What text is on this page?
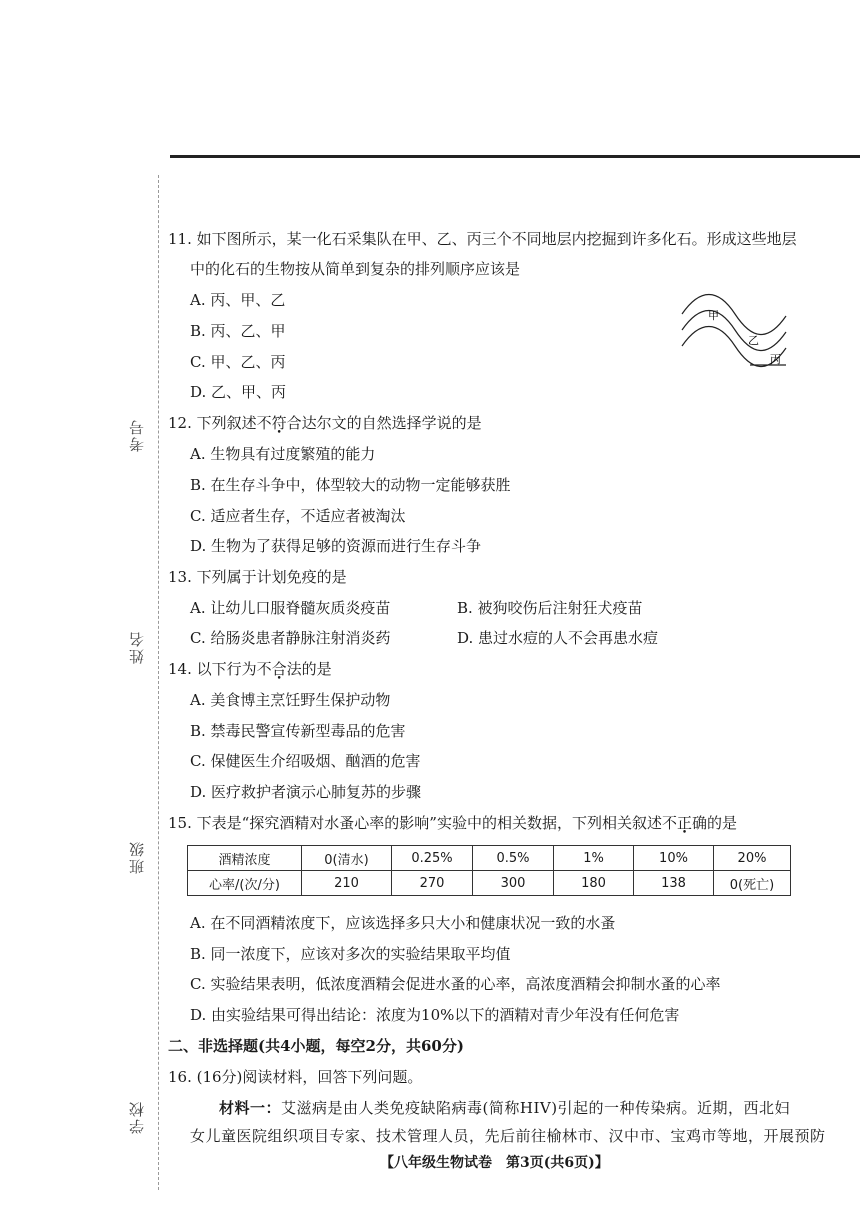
考号
姓名
班级
学校
11. 如下图所示，某一化石采集队在甲、乙、丙三个不同地层内挖掘到许多化石。形成这些地层
中的化石的生物按从简单到复杂的排列顺序应该是
A. 丙、甲、乙
B. 丙、乙、甲
C. 甲、乙、丙
D. 乙、甲、丙
甲
乙
丙
12. 下列叙述不符合达尔文的自然选择学说的是
A. 生物具有过度繁殖的能力
B. 在生存斗争中，体型较大的动物一定能够获胜
C. 适应者生存，不适应者被淘汰
D. 生物为了获得足够的资源而进行生存斗争
13. 下列属于计划免疫的是
A. 让幼儿口服脊髓灰质炎疫苗	B. 被狗咬伤后注射狂犬疫苗
C. 给肠炎患者静脉注射消炎药	D. 患过水痘的人不会再患水痘
14. 以下行为不合法的是
A. 美食博主烹饪野生保护动物
B. 禁毒民警宣传新型毒品的危害
C. 保健医生介绍吸烟、酗酒的危害
D. 医疗救护者演示心肺复苏的步骤
15. 下表是“探究酒精对水蚤心率的影响”实验中的相关数据，下列相关叙述不正确的是
酒精浓度	0(清水)	0.25%	0.5%	1%	10%	20%
心率/(次/分)	210	270	300	180	138	0(死亡)
A. 在不同酒精浓度下，应该选择多只大小和健康状况一致的水蚤
B. 同一浓度下，应该对多次的实验结果取平均值
C. 实验结果表明，低浓度酒精会促进水蚤的心率，高浓度酒精会抑制水蚤的心率
D. 由实验结果可得出结论：浓度为10%以下的酒精对青少年没有任何危害
二、非选择题(共4小题，每空2分，共60分)
16. (16分)阅读材料，回答下列问题。
材料一：艾滋病是由人类免疫缺陷病毒(简称HIV)引起的一种传染病。近期，西北妇
女儿童医院组织项目专家、技术管理人员，先后前往榆林市、汉中市、宝鸡市等地，开展预防
【八年级生物试卷　第3页(共6页)】
